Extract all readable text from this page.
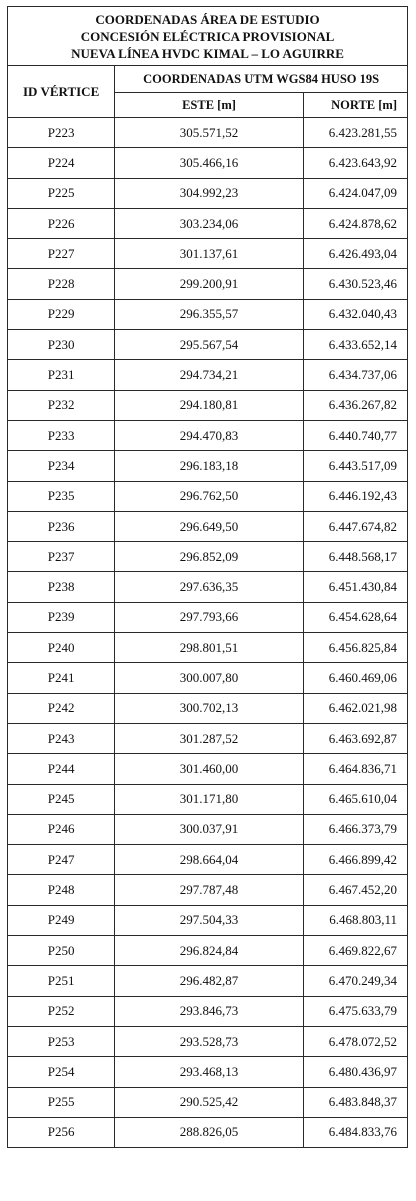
COORDENADAS ÁREA DE ESTUDIO
CONCESIÓN ELÉCTRICA PROVISIONAL
NUEVA LÍNEA HVDC KIMAL – LO AGUIRRE		

ID VÉRTICE	COORDENADAS UTM WGS84 HUSO 19S	
	ESTE [m]	NORTE [m]
P223	305.571,52	6.423.281,55
P224	305.466,16	6.423.643,92
P225	304.992,23	6.424.047,09
P226	303.234,06	6.424.878,62
P227	301.137,61	6.426.493,04
P228	299.200,91	6.430.523,46
P229	296.355,57	6.432.040,43
P230	295.567,54	6.433.652,14
P231	294.734,21	6.434.737,06
P232	294.180,81	6.436.267,82
P233	294.470,83	6.440.740,77
P234	296.183,18	6.443.517,09
P235	296.762,50	6.446.192,43
P236	296.649,50	6.447.674,82
P237	296.852,09	6.448.568,17
P238	297.636,35	6.451.430,84
P239	297.793,66	6.454.628,64
P240	298.801,51	6.456.825,84
P241	300.007,80	6.460.469,06
P242	300.702,13	6.462.021,98
P243	301.287,52	6.463.692,87
P244	301.460,00	6.464.836,71
P245	301.171,80	6.465.610,04
P246	300.037,91	6.466.373,79
P247	298.664,04	6.466.899,42
P248	297.787,48	6.467.452,20
P249	297.504,33	6.468.803,11
P250	296.824,84	6.469.822,67
P251	296.482,87	6.470.249,34
P252	293.846,73	6.475.633,79
P253	293.528,73	6.478.072,52
P254	293.468,13	6.480.436,97
P255	290.525,42	6.483.848,37
P256	288.826,05	6.484.833,76
